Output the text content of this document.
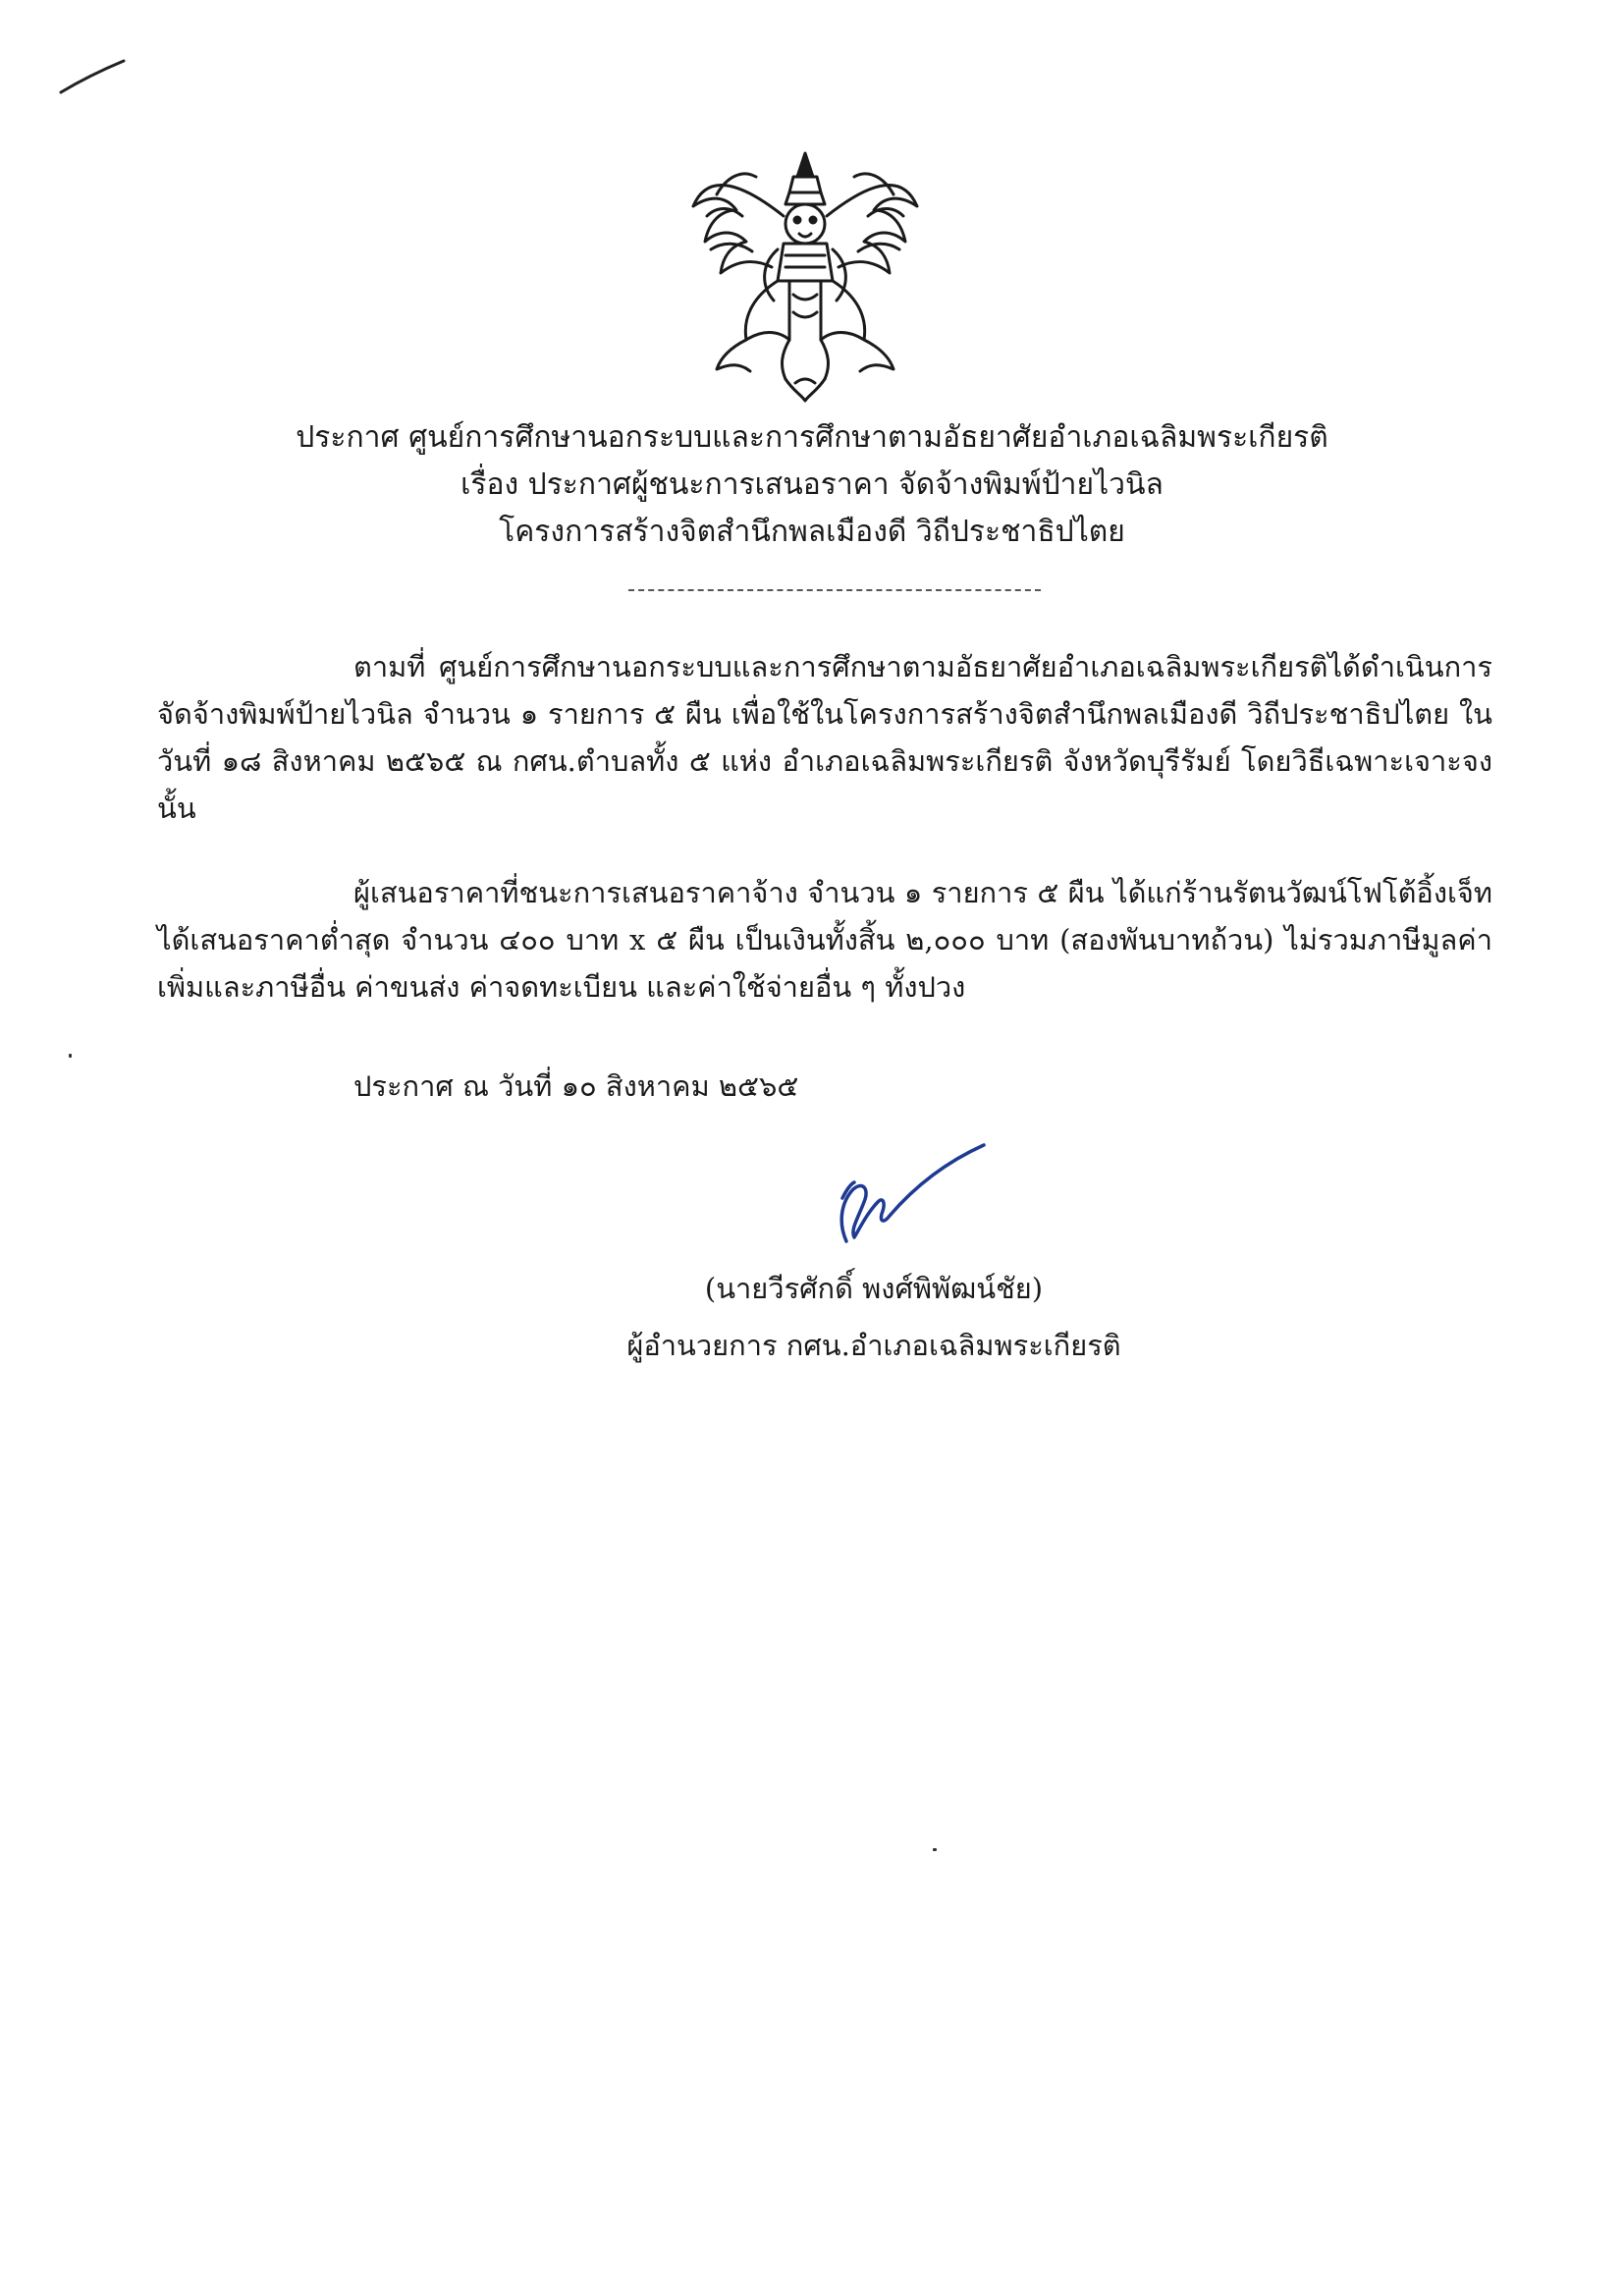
ประกาศ ศูนย์การศึกษานอกระบบและการศึกษาตามอัธยาศัยอำเภอเฉลิมพระเกียรติ
เรื่อง ประกาศผู้ชนะการเสนอราคา จัดจ้างพิมพ์ป้ายไวนิล
โครงการสร้างจิตสำนึกพลเมืองดี วิถีประชาธิปไตย
ตามที่ ศูนย์การศึกษานอกระบบและการศึกษาตามอัธยาศัยอำเภอเฉลิมพระเกียรติได้ดำเนินการจัดจ้างพิมพ์ป้ายไวนิล จำนวน ๑ รายการ ๕ ผืน เพื่อใช้ในโครงการสร้างจิตสำนึกพลเมืองดี วิถีประชาธิปไตย ในวันที่ ๑๘ สิงหาคม ๒๕๖๕ ณ กศน.ตำบลทั้ง ๕ แห่ง อำเภอเฉลิมพระเกียรติ จังหวัดบุรีรัมย์ โดยวิธีเฉพาะเจาะจง นั้น
ผู้เสนอราคาที่ชนะการเสนอราคาจ้าง จำนวน ๑ รายการ ๕ ผืน ได้แก่ร้านรัตนวัฒน์โฟโต้อิ้งเจ็ท ได้เสนอราคาต่ำสุด จำนวน ๔๐๐ บาท x ๕ ผืน เป็นเงินทั้งสิ้น ๒,๐๐๐ บาท (สองพันบาทถ้วน) ไม่รวมภาษีมูลค่าเพิ่มและภาษีอื่น ค่าขนส่ง ค่าจดทะเบียน และค่าใช้จ่ายอื่น ๆ ทั้งปวง
ประกาศ ณ วันที่ ๑๐ สิงหาคม ๒๕๖๕
(นายวีรศักดิ์ พงศ์พิพัฒน์ชัย)
ผู้อำนวยการ กศน.อำเภอเฉลิมพระเกียรติ
